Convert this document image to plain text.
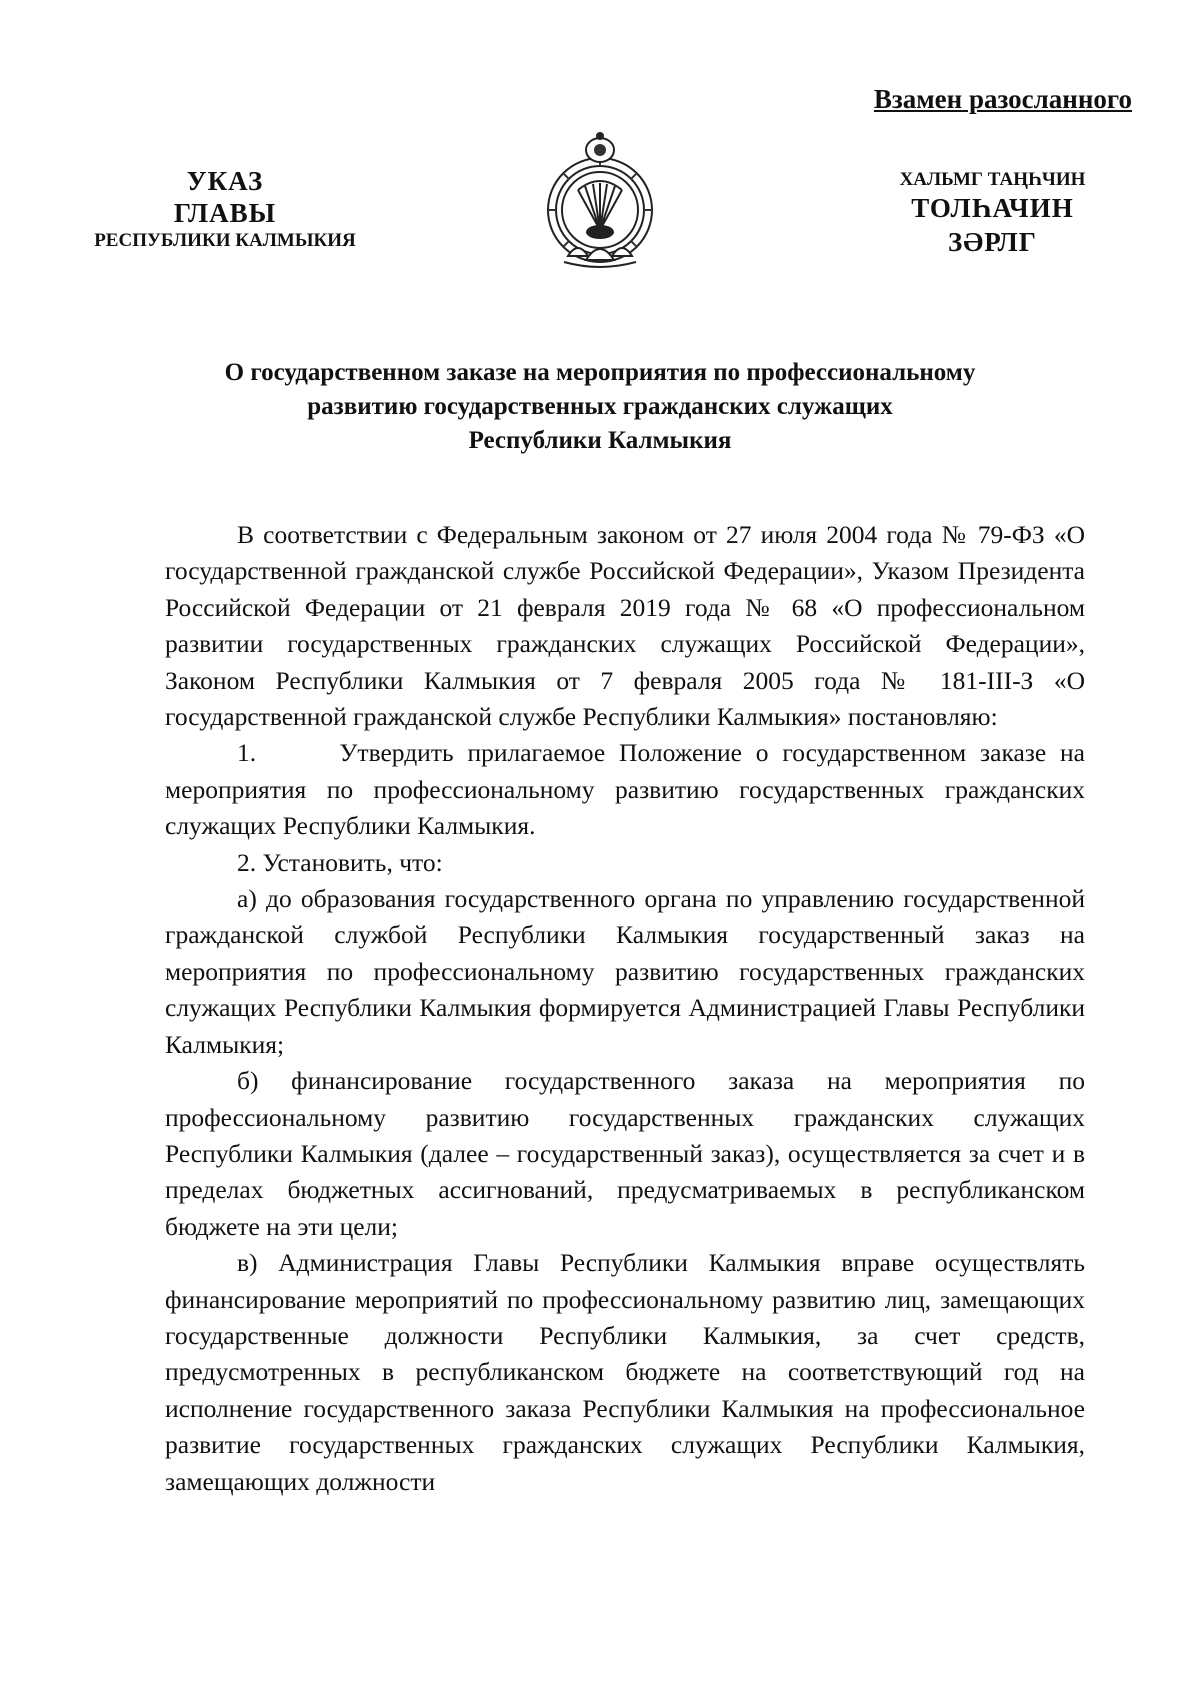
Взамен разосланного
УКАЗ
ГЛАВЫ
РЕСПУБЛИКИ КАЛМЫКИЯ
ХАЛЬМГ ТАҢҺЧИН
ТОЛҺАЧИН
ЗӘРЛГ
О государственном заказе на мероприятия по профессиональному
развитию государственных гражданских служащих
Республики Калмыкия

В соответствии с Федеральным законом от 27 июля 2004 года № 79-ФЗ «О государственной гражданской службе Российской Федерации», Указом Президента Российской Федерации от 21 февраля 2019 года № 68 «О профессиональном развитии государственных гражданских служащих Российской Федерации», Законом Республики Калмыкия от 7 февраля 2005 года № 181-III-З «О государственной гражданской службе Республики Калмыкия» постановляю:

1.      Утвердить прилагаемое Положение о государственном заказе на мероприятия по профессиональному развитию государственных гражданских служащих Республики Калмыкия.

2. Установить, что:

а) до образования государственного органа по управлению государственной гражданской службой Республики Калмыкия государственный заказ на мероприятия по профессиональному развитию государственных гражданских служащих Республики Калмыкия формируется Администрацией Главы Республики Калмыкия;

б) финансирование государственного заказа на мероприятия по профессиональному развитию государственных гражданских служащих Республики Калмыкия (далее – государственный заказ), осуществляется за счет и в пределах бюджетных ассигнований, предусматриваемых в республиканском бюджете на эти цели;

в) Администрация Главы Республики Калмыкия вправе осуществлять финансирование мероприятий по профессиональному развитию лиц, замещающих государственные должности Республики Калмыкия, за счет средств, предусмотренных в республиканском бюджете на соответствующий год на исполнение государственного заказа Республики Калмыкия на профессиональное развитие государственных гражданских служащих Республики Калмыкия, замещающих должности
